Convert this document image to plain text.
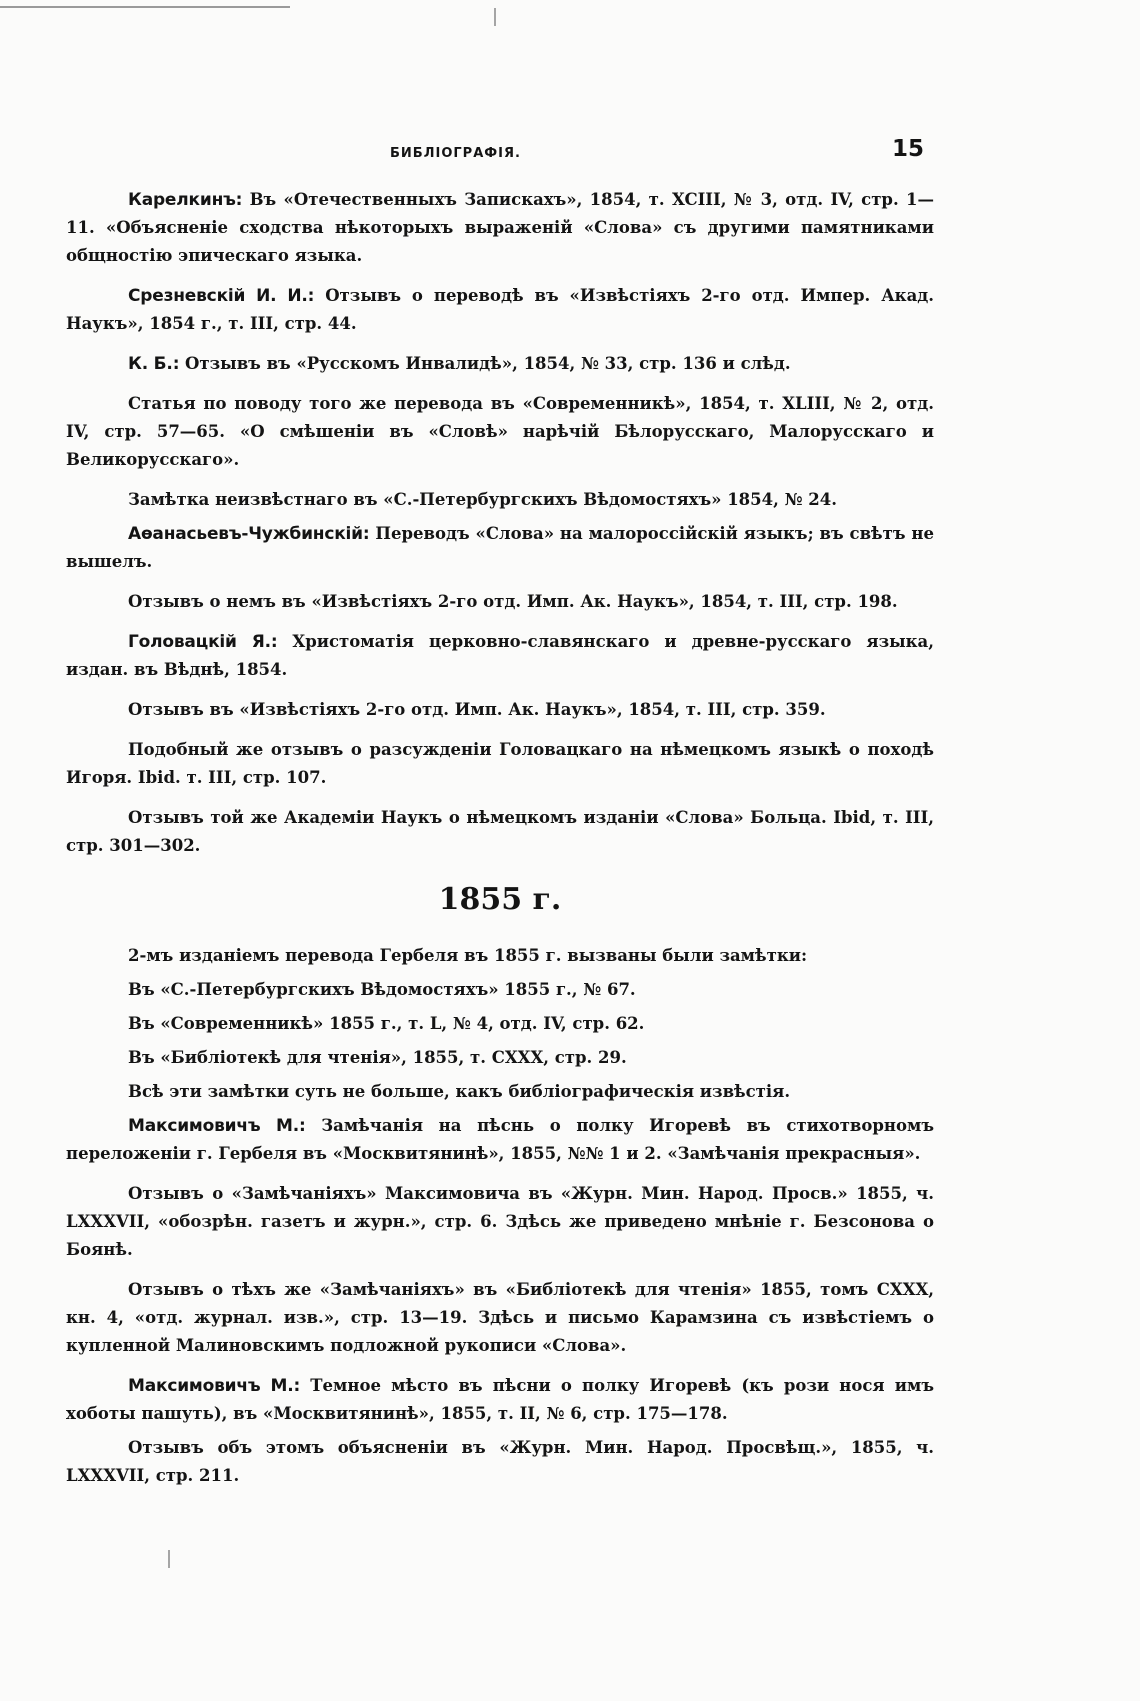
БИБЛІОГРАФІЯ.	15

Карелкинъ: Въ «Отечественныхъ Запискахъ», 1854, т. XCIII, № 3, отд. IV, стр. 1—11. «Объясненіе сходства нѣкоторыхъ выраженій «Слова» съ другими памятниками общностію эпическаго языка.

Срезневскій И. И.: Отзывъ о переводѣ въ «Извѣстіяхъ 2-го отд. Импер. Акад. Наукъ», 1854 г., т. III, стр. 44.

К. Б.: Отзывъ въ «Русскомъ Инвалидѣ», 1854, № 33, стр. 136 и слѣд.

Статья по поводу того же перевода въ «Современникѣ», 1854, т. XLIII, № 2, отд. IV, стр. 57—65. «О смѣшеніи въ «Словѣ» нарѣчій Бѣлорусскаго, Малорусскаго и Великорусскаго».

Замѣтка неизвѣстнаго въ «С.-Петербургскихъ Вѣдомостяхъ» 1854, № 24.

Аѳанасьевъ-Чужбинскій: Переводъ «Слова» на малороссійскій языкъ; въ свѣтъ не вышелъ.

Отзывъ о немъ въ «Извѣстіяхъ 2-го отд. Имп. Ак. Наукъ», 1854, т. III, стр. 198.

Головацкій Я.: Христоматія церковно-славянскаго и древне-русскаго языка, издан. въ Вѣднѣ, 1854.

Отзывъ въ «Извѣстіяхъ 2-го отд. Имп. Ак. Наукъ», 1854, т. III, стр. 359.

Подобный же отзывъ о разсужденіи Головацкаго на нѣмецкомъ языкѣ о походѣ Игоря. Ibid. т. III, стр. 107.

Отзывъ той же Академіи Наукъ о нѣмецкомъ изданіи «Слова» Больца. Ibid, т. III, стр. 301—302.

1855 г.

2-мъ изданіемъ перевода Гербеля въ 1855 г. вызваны были замѣтки:

Въ «С.-Петербургскихъ Вѣдомостяхъ» 1855 г., № 67.

Въ «Современникѣ» 1855 г., т. L, № 4, отд. IV, стр. 62.

Въ «Библіотекѣ для чтенія», 1855, т. CXXX, стр. 29.

Всѣ эти замѣтки суть не больше, какъ библіографическія извѣстія.

Максимовичъ М.: Замѣчанія на пѣснь о полку Игоревѣ въ стихотворномъ переложеніи г. Гербеля въ «Москвитянинѣ», 1855, №№ 1 и 2. «Замѣчанія прекрасныя».

Отзывъ о «Замѣчаніяхъ» Максимовича въ «Журн. Мин. Народ. Просв.» 1855, ч. LXXXVII, «обозрѣн. газетъ и журн.», стр. 6. Здѣсь же приведено мнѣніе г. Безсонова о Боянѣ.

Отзывъ о тѣхъ же «Замѣчаніяхъ» въ «Библіотекѣ для чтенія» 1855, томъ CXXX, кн. 4, «отд. журнал. изв.», стр. 13—19. Здѣсь и письмо Карамзина съ извѣстіемъ о купленной Малиновскимъ подложной рукописи «Слова».

Максимовичъ М.: Темное мѣсто въ пѣсни о полку Игоревѣ (къ рози нося имъ хоботы пашуть), въ «Москвитянинѣ», 1855, т. II, № 6, стр. 175—178.

Отзывъ объ этомъ объясненіи въ «Журн. Мин. Народ. Просвѣщ.», 1855, ч. LXXXVII, стр. 211.
